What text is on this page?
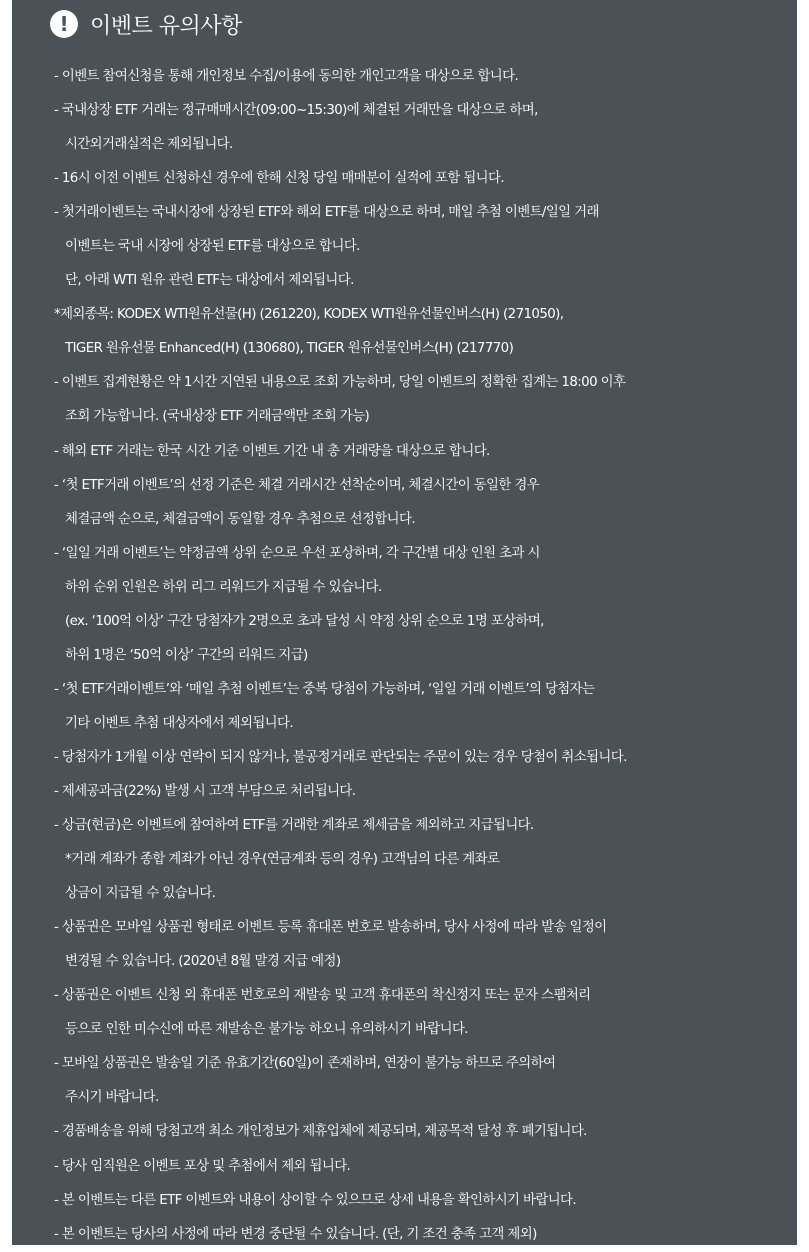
! 이벤트 유의사항
- 이벤트 참여신청을 통해 개인정보 수집/이용에 동의한 개인고객을 대상으로 합니다.
- 국내상장 ETF 거래는 정규매매시간(09:00~15:30)에 체결된 거래만을 대상으로 하며,
시간외거래실적은 제외됩니다.
- 16시 이전 이벤트 신청하신 경우에 한해 신청 당일 매매분이 실적에 포함 됩니다.
- 첫거래이벤트는 국내시장에 상장된 ETF와 해외 ETF를 대상으로 하며, 매일 추첨 이벤트/일일 거래
이벤트는 국내 시장에 상장된 ETF를 대상으로 합니다.
단, 아래 WTI 원유 관련 ETF는 대상에서 제외됩니다.
*제외종목: KODEX WTI원유선물(H) (261220), KODEX WTI원유선물인버스(H) (271050),
TIGER 원유선물 Enhanced(H) (130680), TIGER 원유선물인버스(H) (217770)
- 이벤트 집계현황은 약 1시간 지연된 내용으로 조회 가능하며, 당일 이벤트의 정확한 집계는 18:00 이후
조회 가능합니다. (국내상장 ETF 거래금액만 조회 가능)
- 해외 ETF 거래는 한국 시간 기준 이벤트 기간 내 총 거래량을 대상으로 합니다.
- ‘첫 ETF거래 이벤트’의 선정 기준은 체결 거래시간 선착순이며, 체결시간이 동일한 경우
체결금액 순으로, 체결금액이 동일할 경우 추첨으로 선정합니다.
- ‘일일 거래 이벤트’는 약정금액 상위 순으로 우선 포상하며, 각 구간별 대상 인원 초과 시
하위 순위 인원은 하위 리그 리워드가 지급될 수 있습니다.
(ex. ‘100억 이상’ 구간 당첨자가 2명으로 초과 달성 시 약정 상위 순으로 1명 포상하며,
하위 1명은 ‘50억 이상’ 구간의 리워드 지급)
- ‘첫 ETF거래이벤트’와 ‘매일 추첨 이벤트’는 중복 당첨이 가능하며, ‘일일 거래 이벤트’의 당첨자는
기타 이벤트 추첨 대상자에서 제외됩니다.
- 당첨자가 1개월 이상 연락이 되지 않거나, 불공정거래로 판단되는 주문이 있는 경우 당첨이 취소됩니다.
- 제세공과금(22%) 발생 시 고객 부담으로 처리됩니다.
- 상금(현금)은 이벤트에 참여하여 ETF를 거래한 계좌로 제세금을 제외하고 지급됩니다.
*거래 계좌가 종합 계좌가 아닌 경우(연금계좌 등의 경우) 고객님의 다른 계좌로
상금이 지급될 수 있습니다.
- 상품권은 모바일 상품권 형태로 이벤트 등록 휴대폰 번호로 발송하며, 당사 사정에 따라 발송 일정이
변경될 수 있습니다. (2020년 8월 말경 지급 예정)
- 상품권은 이벤트 신청 외 휴대폰 번호로의 재발송 및 고객 휴대폰의 착신정지 또는 문자 스팸처리
등으로 인한 미수신에 따른 재발송은 불가능 하오니 유의하시기 바랍니다.
- 모바일 상품권은 발송일 기준 유효기간(60일)이 존재하며, 연장이 불가능 하므로 주의하여
주시기 바랍니다.
- 경품배송을 위해 당첨고객 최소 개인정보가 제휴업체에 제공되며, 제공목적 달성 후 폐기됩니다.
- 당사 임직원은 이벤트 포상 및 추첨에서 제외 됩니다.
- 본 이벤트는 다른 ETF 이벤트와 내용이 상이할 수 있으므로 상세 내용을 확인하시기 바랍니다.
- 본 이벤트는 당사의 사정에 따라 변경 중단될 수 있습니다. (단, 기 조건 충족 고객 제외)
